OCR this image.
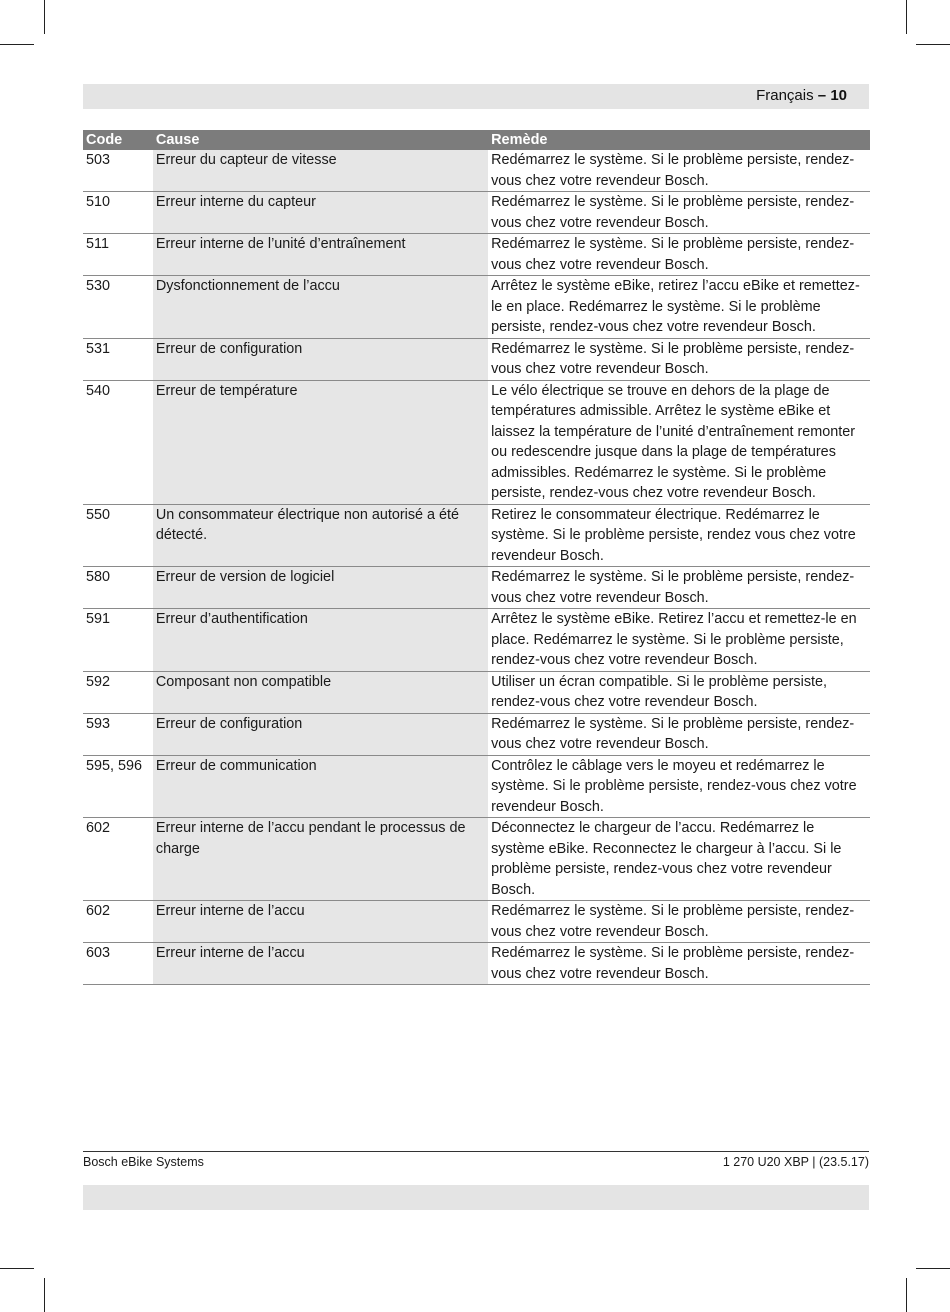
Français – 10
Code	Cause	Remède
503	Erreur du capteur de vitesse	Redémarrez le système. Si le problème persiste, rendez-vous chez votre revendeur Bosch.
510	Erreur interne du capteur	Redémarrez le système. Si le problème persiste, rendez-vous chez votre revendeur Bosch.
511	Erreur interne de l’unité d’entraînement	Redémarrez le système. Si le problème persiste, rendez-vous chez votre revendeur Bosch.
530	Dysfonctionnement de l’accu	Arrêtez le système eBike, retirez l’accu eBike et remettez-le en place. Redémarrez le système. Si le problème persiste, rendez-vous chez votre revendeur Bosch.
531	Erreur de configuration	Redémarrez le système. Si le problème persiste, rendez-vous chez votre revendeur Bosch.
540	Erreur de température	Le vélo électrique se trouve en dehors de la plage de températures admissible. Arrêtez le système eBike et laissez la température de l’unité d’entraînement remonter ou redescendre jusque dans la plage de températures admissibles. Redémarrez le système. Si le problème persiste, rendez-vous chez votre revendeur Bosch.
550	Un consommateur électrique non autorisé a été détecté.	Retirez le consommateur électrique. Redémarrez le système. Si le problème persiste, rendez vous chez votre revendeur Bosch.
580	Erreur de version de logiciel	Redémarrez le système. Si le problème persiste, rendez-vous chez votre revendeur Bosch.
591	Erreur d’authentification	Arrêtez le système eBike. Retirez l’accu et remettez-le en place. Redémarrez le système. Si le problème persiste, rendez-vous chez votre revendeur Bosch.
592	Composant non compatible	Utiliser un écran compatible. Si le problème persiste, rendez-vous chez votre revendeur Bosch.
593	Erreur de configuration	Redémarrez le système. Si le problème persiste, rendez-vous chez votre revendeur Bosch.
595, 596	Erreur de communication	Contrôlez le câblage vers le moyeu et redémarrez le système. Si le problème persiste, rendez-vous chez votre revendeur Bosch.
602	Erreur interne de l’accu pendant le processus de charge	Déconnectez le chargeur de l’accu. Redémarrez le système eBike. Reconnectez le chargeur à l’accu. Si le problème persiste, rendez-vous chez votre revendeur Bosch.
602	Erreur interne de l’accu	Redémarrez le système. Si le problème persiste, rendez-vous chez votre revendeur Bosch.
603	Erreur interne de l’accu	Redémarrez le système. Si le problème persiste, rendez-vous chez votre revendeur Bosch.
Bosch eBike Systems	1 270 U20 XBP | (23.5.17)
